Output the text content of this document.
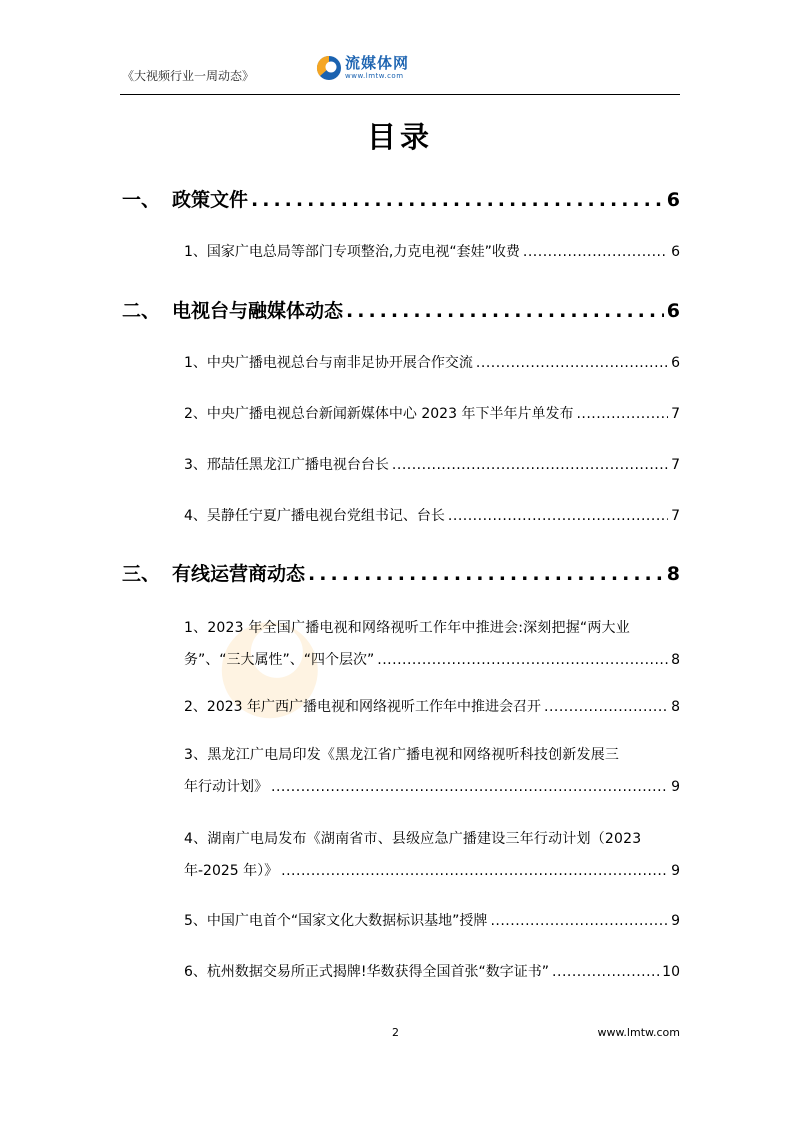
《大视频行业一周动态》
流媒体网
www.lmtw.com
目录
一、 政策文件 .....	6
1、 国家广电总局等部门专项整治,力克电视“套娃”收费 .....	6
二、 电视台与融媒体动态 .....	6
1、 中央广播电视总台与南非足协开展合作交流 .....	6
2、 中央广播电视总台新闻新媒体中心 2023 年下半年片单发布 .....	7
3、 邢喆任黑龙江广播电视台台长 .....	7
4、 吴静任宁夏广播电视台党组书记、台长 .....	7
三、 有线运营商动态 .....	8
1、2023 年全国广播电视和网络视听工作年中推进会:深刻把握“两大业
务”、“三大属性”、“四个层次” .....	8
2、 2023 年广西广播电视和网络视听工作年中推进会召开 .....	8
3、黑龙江广电局印发《黑龙江省广播电视和网络视听科技创新发展三
年行动计划》 .....	9
4、湖南广电局发布《湖南省市、县级应急广播建设三年行动计划（2023
年-2025 年）》 .....	9
5、 中国广电首个“国家文化大数据标识基地”授牌 .....	9
6、 杭州数据交易所正式揭牌!华数获得全国首张“数字证书” .....	10
2	www.lmtw.com
